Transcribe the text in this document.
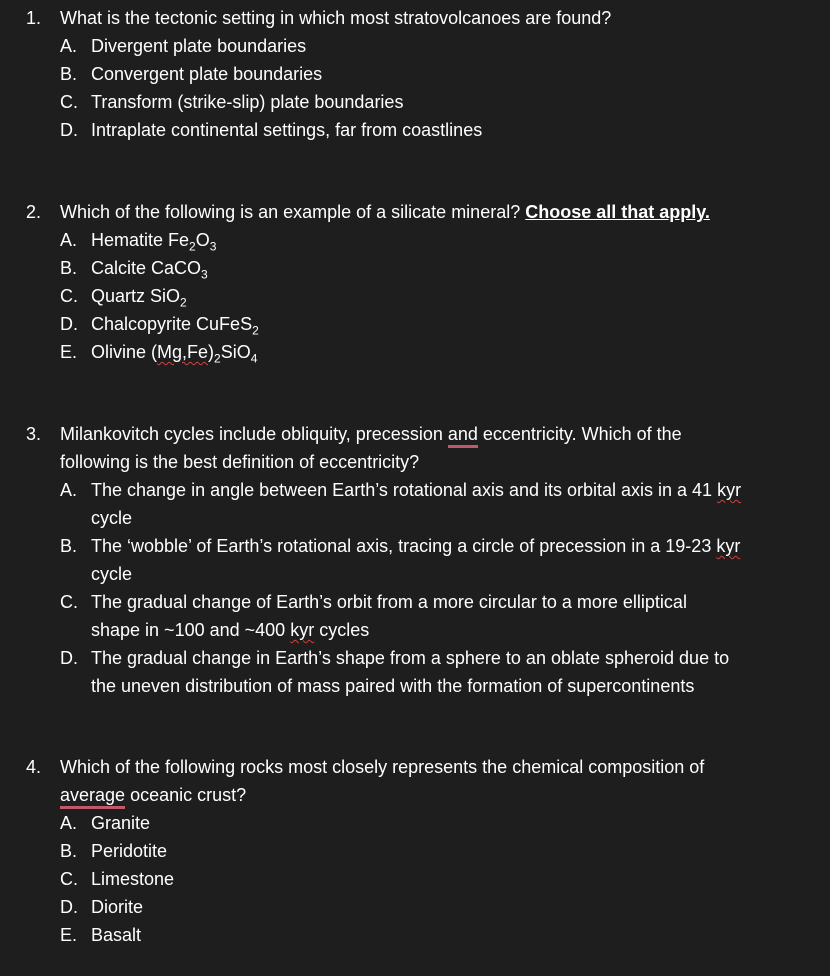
1. What is the tectonic setting in which most stratovolcanoes are found?
A. Divergent plate boundaries
B. Convergent plate boundaries
C. Transform (strike-slip) plate boundaries
D. Intraplate continental settings, far from coastlines
2. Which of the following is an example of a silicate mineral? Choose all that apply.
A. Hematite $Fe_2O_3$
B. Calcite CaCO$_3$
C. Quartz SiO$_2$
D. Chalcopyrite CuFeS$_2$
E. Olivine $(Mg,Fe)_2SiO_4$
3. Milankovitch cycles include obliquity, precession and eccentricity. Which of the
following is the best definition of eccentricity?
A. The change in angle between Earth’s rotational axis and its orbital axis in a 41 kyr
cycle
B. The ‘wobble’ of Earth’s rotational axis, tracing a circle of precession in a 19-23 kyr
cycle
C. The gradual change of Earth’s orbit from a more circular to a more elliptical
shape in ~100 and ~400 kyr cycles
D. The gradual change in Earth’s shape from a sphere to an oblate spheroid due to
the uneven distribution of mass paired with the formation of supercontinents
4. Which of the following rocks most closely represents the chemical composition of
average oceanic crust?
A. Granite
B. Peridotite
C. Limestone
D. Diorite
E. Basalt
